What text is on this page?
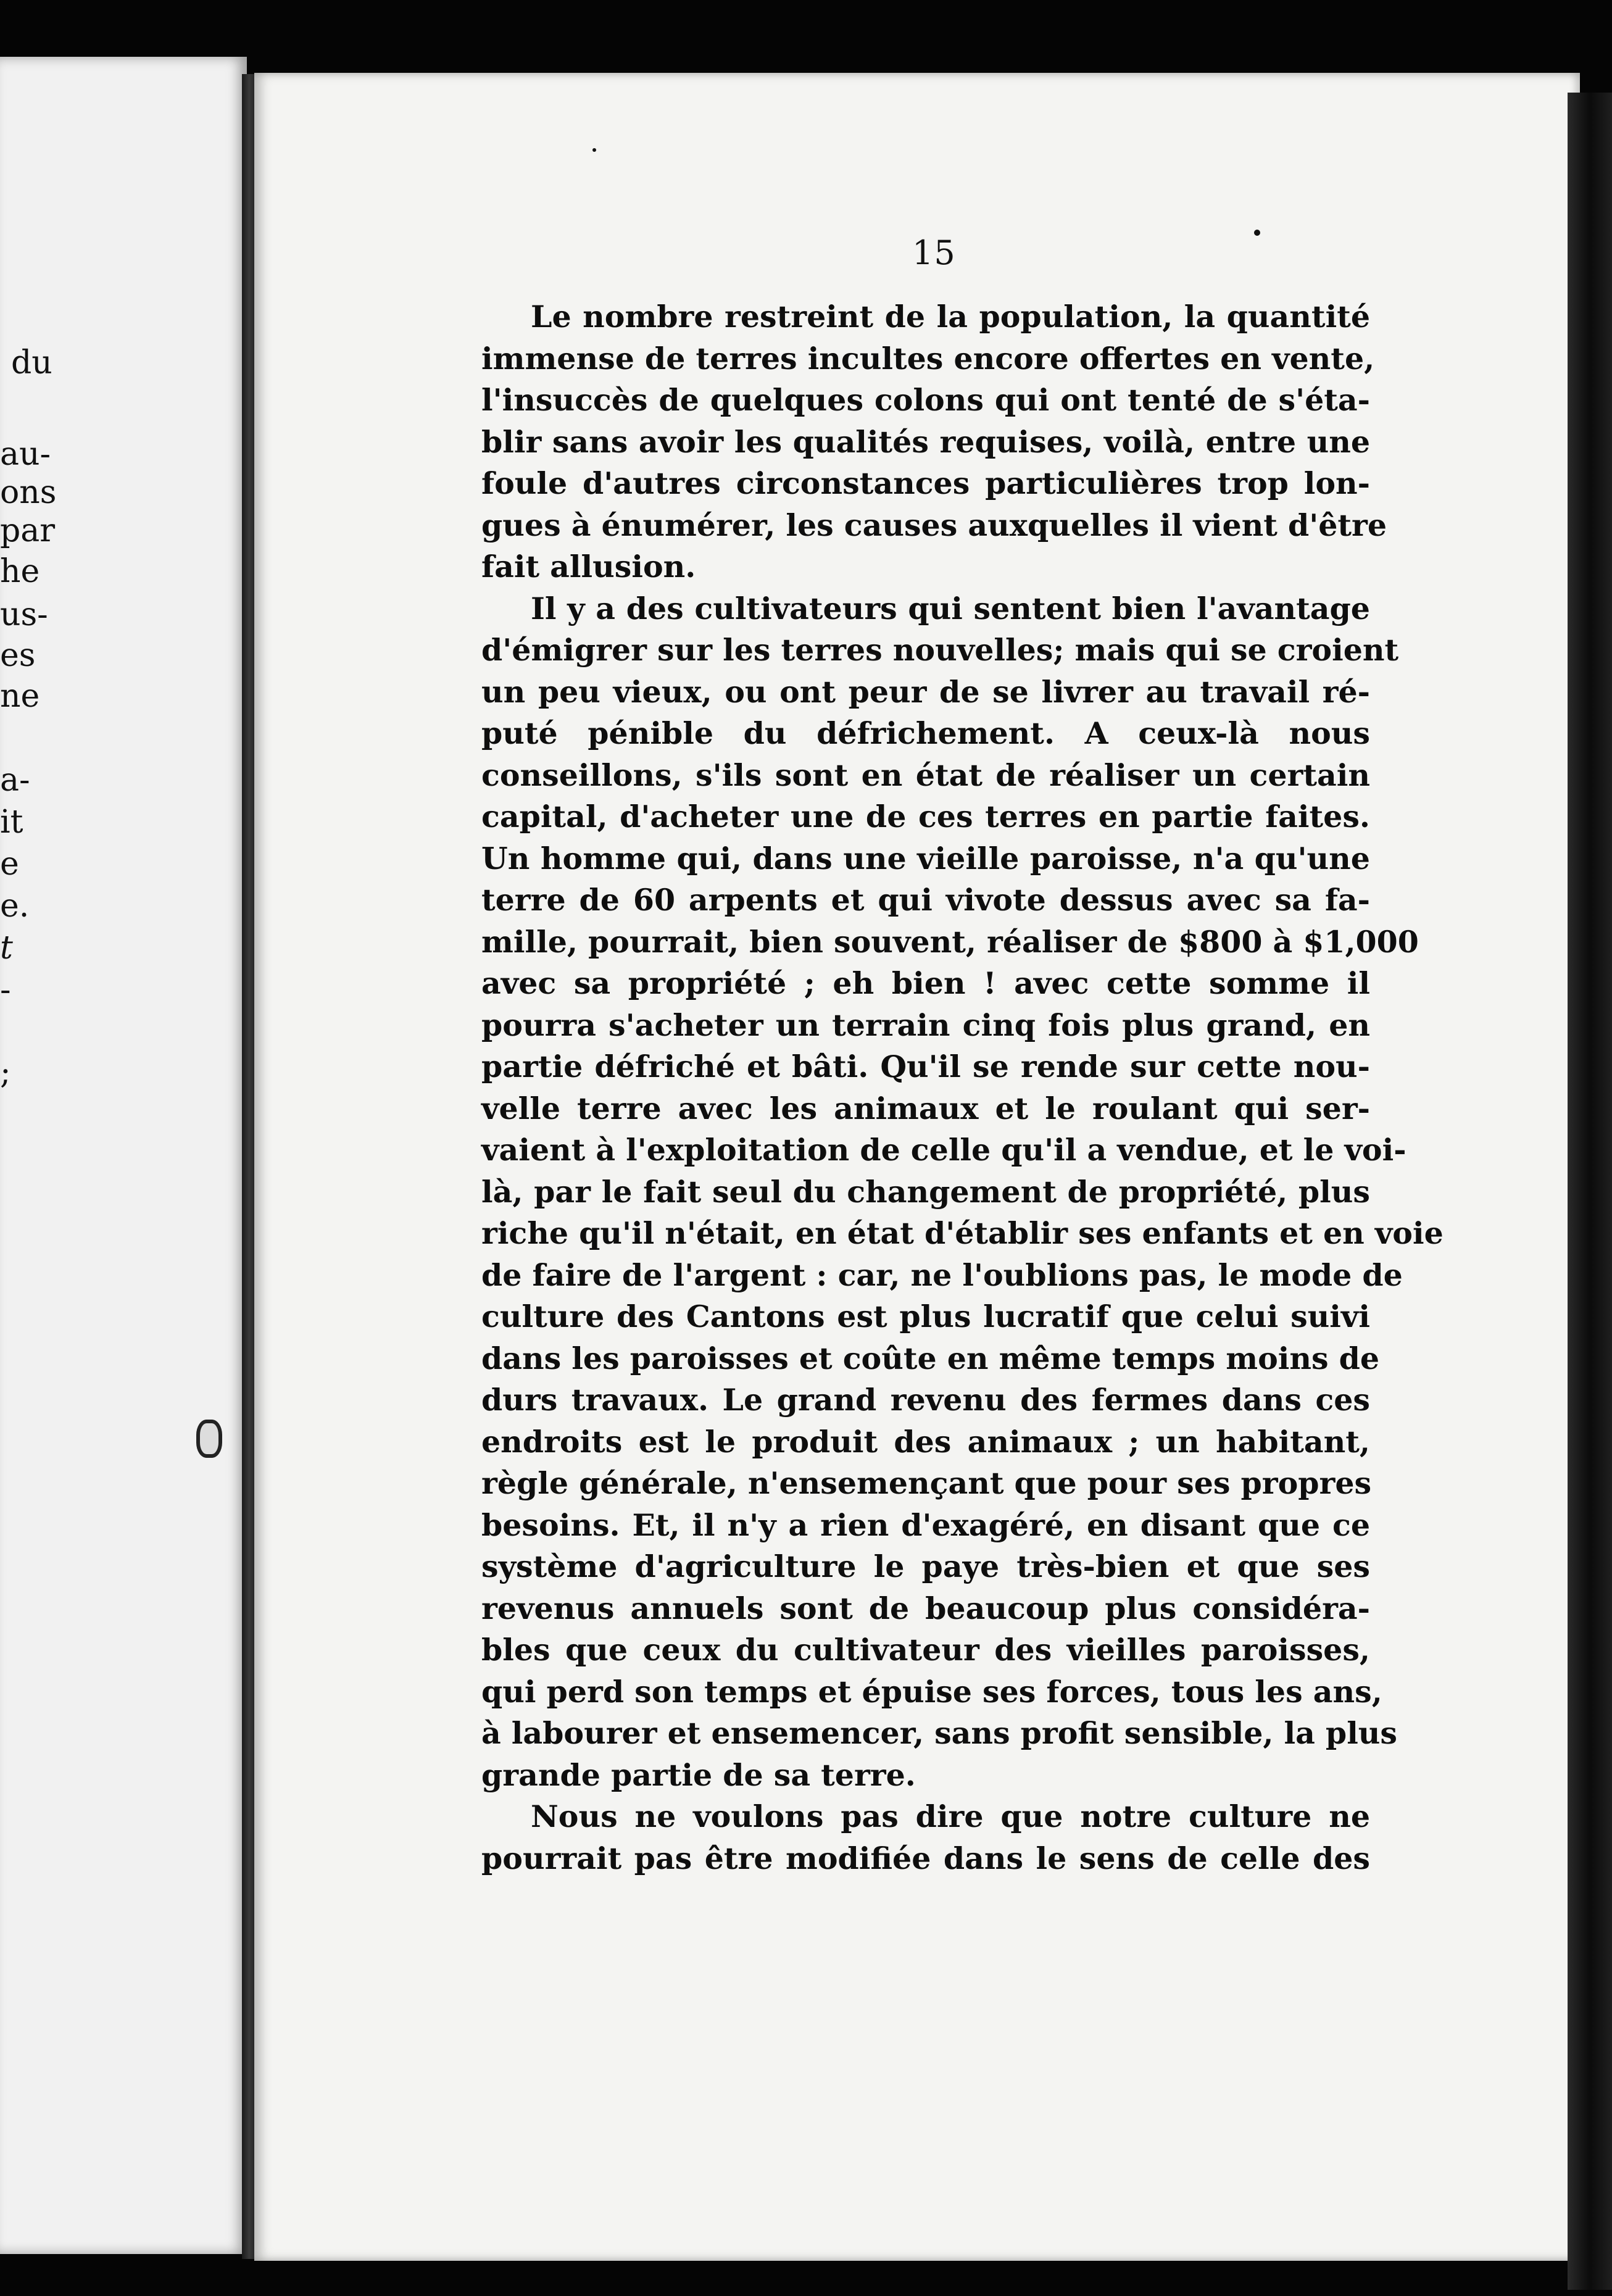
du
au-
ons
par
he
us-
es
ne
a-
it
e
e.
t
-
;
15
Le nombre restreint de la population, la quantité
immense de terres incultes encore offertes en vente,
l'insuccès de quelques colons qui ont tenté de s'éta-
blir sans avoir les qualités requises, voilà, entre une
foule d'autres circonstances particulières trop lon-
gues à énumérer, les causes auxquelles il vient d'être
fait allusion.
Il y a des cultivateurs qui sentent bien l'avantage
d'émigrer sur les terres nouvelles; mais qui se croient
un peu vieux, ou ont peur de se livrer au travail ré-
puté pénible du défrichement. A ceux-là nous
conseillons, s'ils sont en état de réaliser un certain
capital, d'acheter une de ces terres en partie faites.
Un homme qui, dans une vieille paroisse, n'a qu'une
terre de 60 arpents et qui vivote dessus avec sa fa-
mille, pourrait, bien souvent, réaliser de $800 à $1,000
avec sa propriété ; eh bien ! avec cette somme il
pourra s'acheter un terrain cinq fois plus grand, en
partie défriché et bâti. Qu'il se rende sur cette nou-
velle terre avec les animaux et le roulant qui ser-
vaient à l'exploitation de celle qu'il a vendue, et le voi-
là, par le fait seul du changement de propriété, plus
riche qu'il n'était, en état d'établir ses enfants et en voie
de faire de l'argent : car, ne l'oublions pas, le mode de
culture des Cantons est plus lucratif que celui suivi
dans les paroisses et coûte en même temps moins de
durs travaux. Le grand revenu des fermes dans ces
endroits est le produit des animaux ; un habitant,
règle générale, n'ensemençant que pour ses propres
besoins. Et, il n'y a rien d'exagéré, en disant que ce
système d'agriculture le paye très-bien et que ses
revenus annuels sont de beaucoup plus considéra-
bles que ceux du cultivateur des vieilles paroisses,
qui perd son temps et épuise ses forces, tous les ans,
à labourer et ensemencer, sans profit sensible, la plus
grande partie de sa terre.
Nous ne voulons pas dire que notre culture ne
pourrait pas être modifiée dans le sens de celle des
